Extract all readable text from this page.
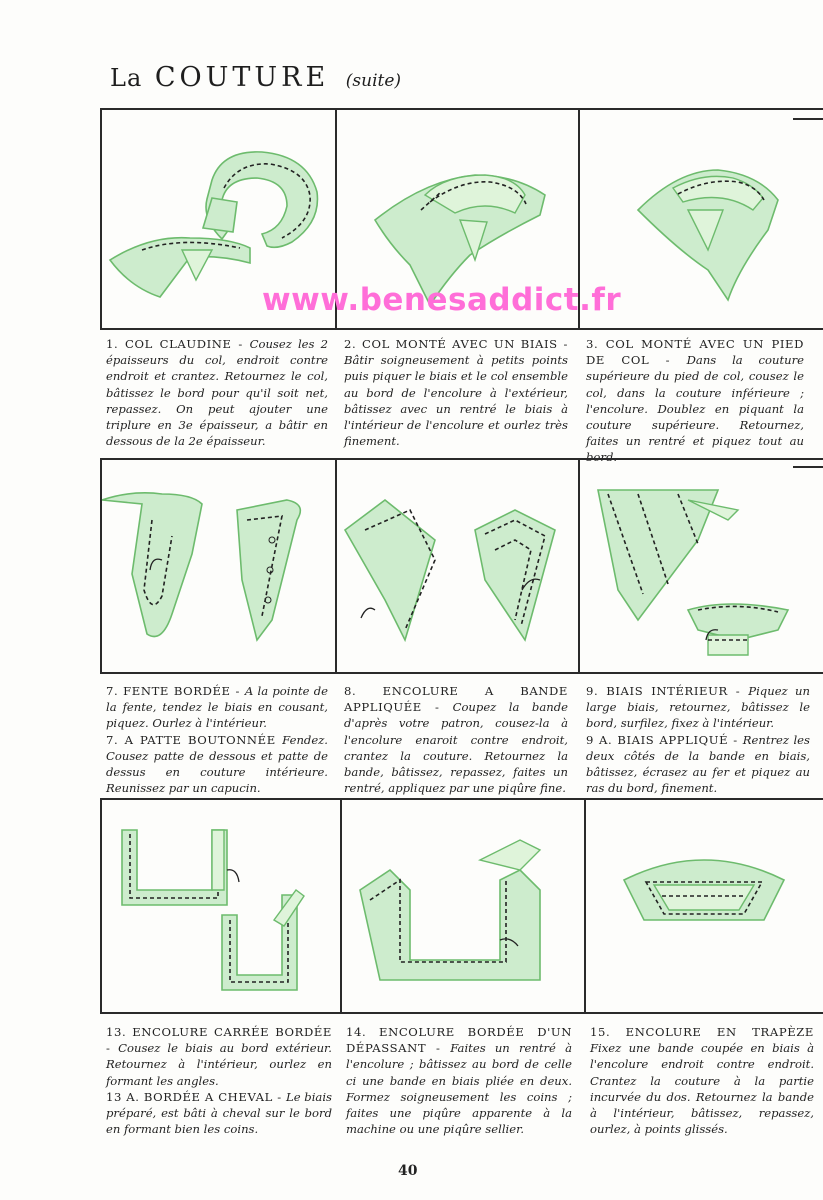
La COUTURE (suite)
www.benesaddict.fr

1. COL CLAUDINE - Cousez les 2 épaisseurs du col, endroit contre endroit et crantez. Retournez le col, bâtissez le bord pour qu'il soit net, repassez. On peut ajouter une triplure en 3e épaisseur, a bâtir en dessous de la 2e épaisseur.

2. COL MONTÉ AVEC UN BIAIS - Bâtir soigneusement à petits points puis piquer le biais et le col ensemble au bord de l'encolure à l'extérieur, bâtissez avec un rentré le biais à l'intérieur de l'encolure et ourlez très finement.

3. COL MONTÉ AVEC UN PIED DE COL - Dans la couture supérieure du pied de col, cousez le col, dans la couture inférieure ; l'encolure. Doublez en piquant la couture supérieure. Retournez, faites un rentré et piquez tout au bord.

7. FENTE BORDÉE - A la pointe de la fente, tendez le biais en cousant, piquez. Ourlez à l'intérieur.

7. A PATTE BOUTONNÉE Fendez. Cousez patte de dessous et patte de dessus en couture intérieure. Reunissez par un capucin.

8. ENCOLURE A BANDE APPLIQUÉE - Coupez la bande d'après votre patron, cousez-la à l'encolure enaroit contre endroit, crantez la couture. Retournez la bande, bâtissez, repassez, faites un rentré, appliquez par une piqûre fine.

9. BIAIS INTÉRIEUR - Piquez un large biais, retournez, bâtissez le bord, surfilez, fixez à l'intérieur.

9 A. BIAIS APPLIQUÉ - Rentrez les deux côtés de la bande en biais, bâtissez, écrasez au fer et piquez au ras du bord, finement.

13. ENCOLURE CARRÉE BORDÉE - Cousez le biais au bord extérieur. Retournez à l'intérieur, ourlez en formant les angles.

13 A. BORDÉE A CHEVAL - Le biais préparé, est bâti à cheval sur le bord en formant bien les coins.

14. ENCOLURE BORDÉE D'UN DÉPASSANT - Faites un rentré à l'encolure ; bâtissez au bord de celle ci une bande en biais pliée en deux. Formez soigneusement les coins ; faites une piqûre apparente à la machine ou une piqûre sellier.

15. ENCOLURE EN TRAPÈZE Fixez une bande coupée en biais à l'encolure endroit contre endroit. Crantez la couture à la partie incurvée du dos. Retournez la bande à l'intérieur, bâtissez, repassez, ourlez, à points glissés.

40
